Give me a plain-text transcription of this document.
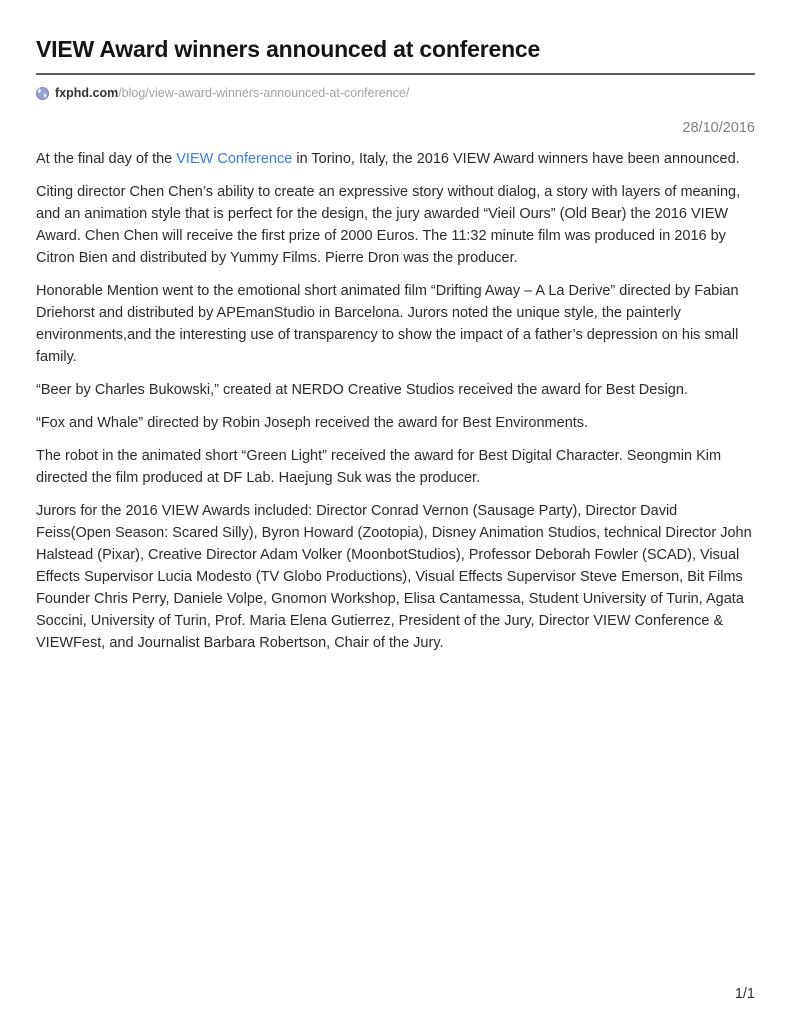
VIEW Award winners announced at conference
fxphd.com/blog/view-award-winners-announced-at-conference/
28/10/2016

At the final day of the VIEW Conference in Torino, Italy, the 2016 VIEW Award winners have been announced.

Citing director Chen Chen’s ability to create an expressive story without dialog, a story with layers of meaning, and an animation style that is perfect for the design, the jury awarded “Vieil Ours” (Old Bear) the 2016 VIEW Award. Chen Chen will receive the first prize of 2000 Euros. The 11:32 minute film was produced in 2016 by Citron Bien and distributed by Yummy Films. Pierre Dron was the producer.

Honorable Mention went to the emotional short animated film “Drifting Away – A La Derive” directed by Fabian Driehorst and distributed by APEmanStudio in Barcelona. Jurors noted the unique style, the painterly environments,and the interesting use of transparency to show the impact of a father’s depression on his small family.

“Beer by Charles Bukowski,” created at NERDO Creative Studios received the award for Best Design.

“Fox and Whale” directed by Robin Joseph received the award for Best Environments.

The robot in the animated short “Green Light” received the award for Best Digital Character. Seongmin Kim directed the film produced at DF Lab. Haejung Suk was the producer.

Jurors for the 2016 VIEW Awards included: Director Conrad Vernon (Sausage Party), Director David Feiss(Open Season: Scared Silly), Byron Howard (Zootopia), Disney Animation Studios, technical Director John Halstead (Pixar), Creative Director Adam Volker (MoonbotStudios), Professor Deborah Fowler (SCAD), Visual Effects Supervisor Lucia Modesto (TV Globo Productions), Visual Effects Supervisor Steve Emerson, Bit Films Founder Chris Perry, Daniele Volpe, Gnomon Workshop, Elisa Cantamessa, Student University of Turin, Agata Soccini, University of Turin, Prof. Maria Elena Gutierrez, President of the Jury, Director VIEW Conference & VIEWFest, and Journalist Barbara Robertson, Chair of the Jury.

1/1
